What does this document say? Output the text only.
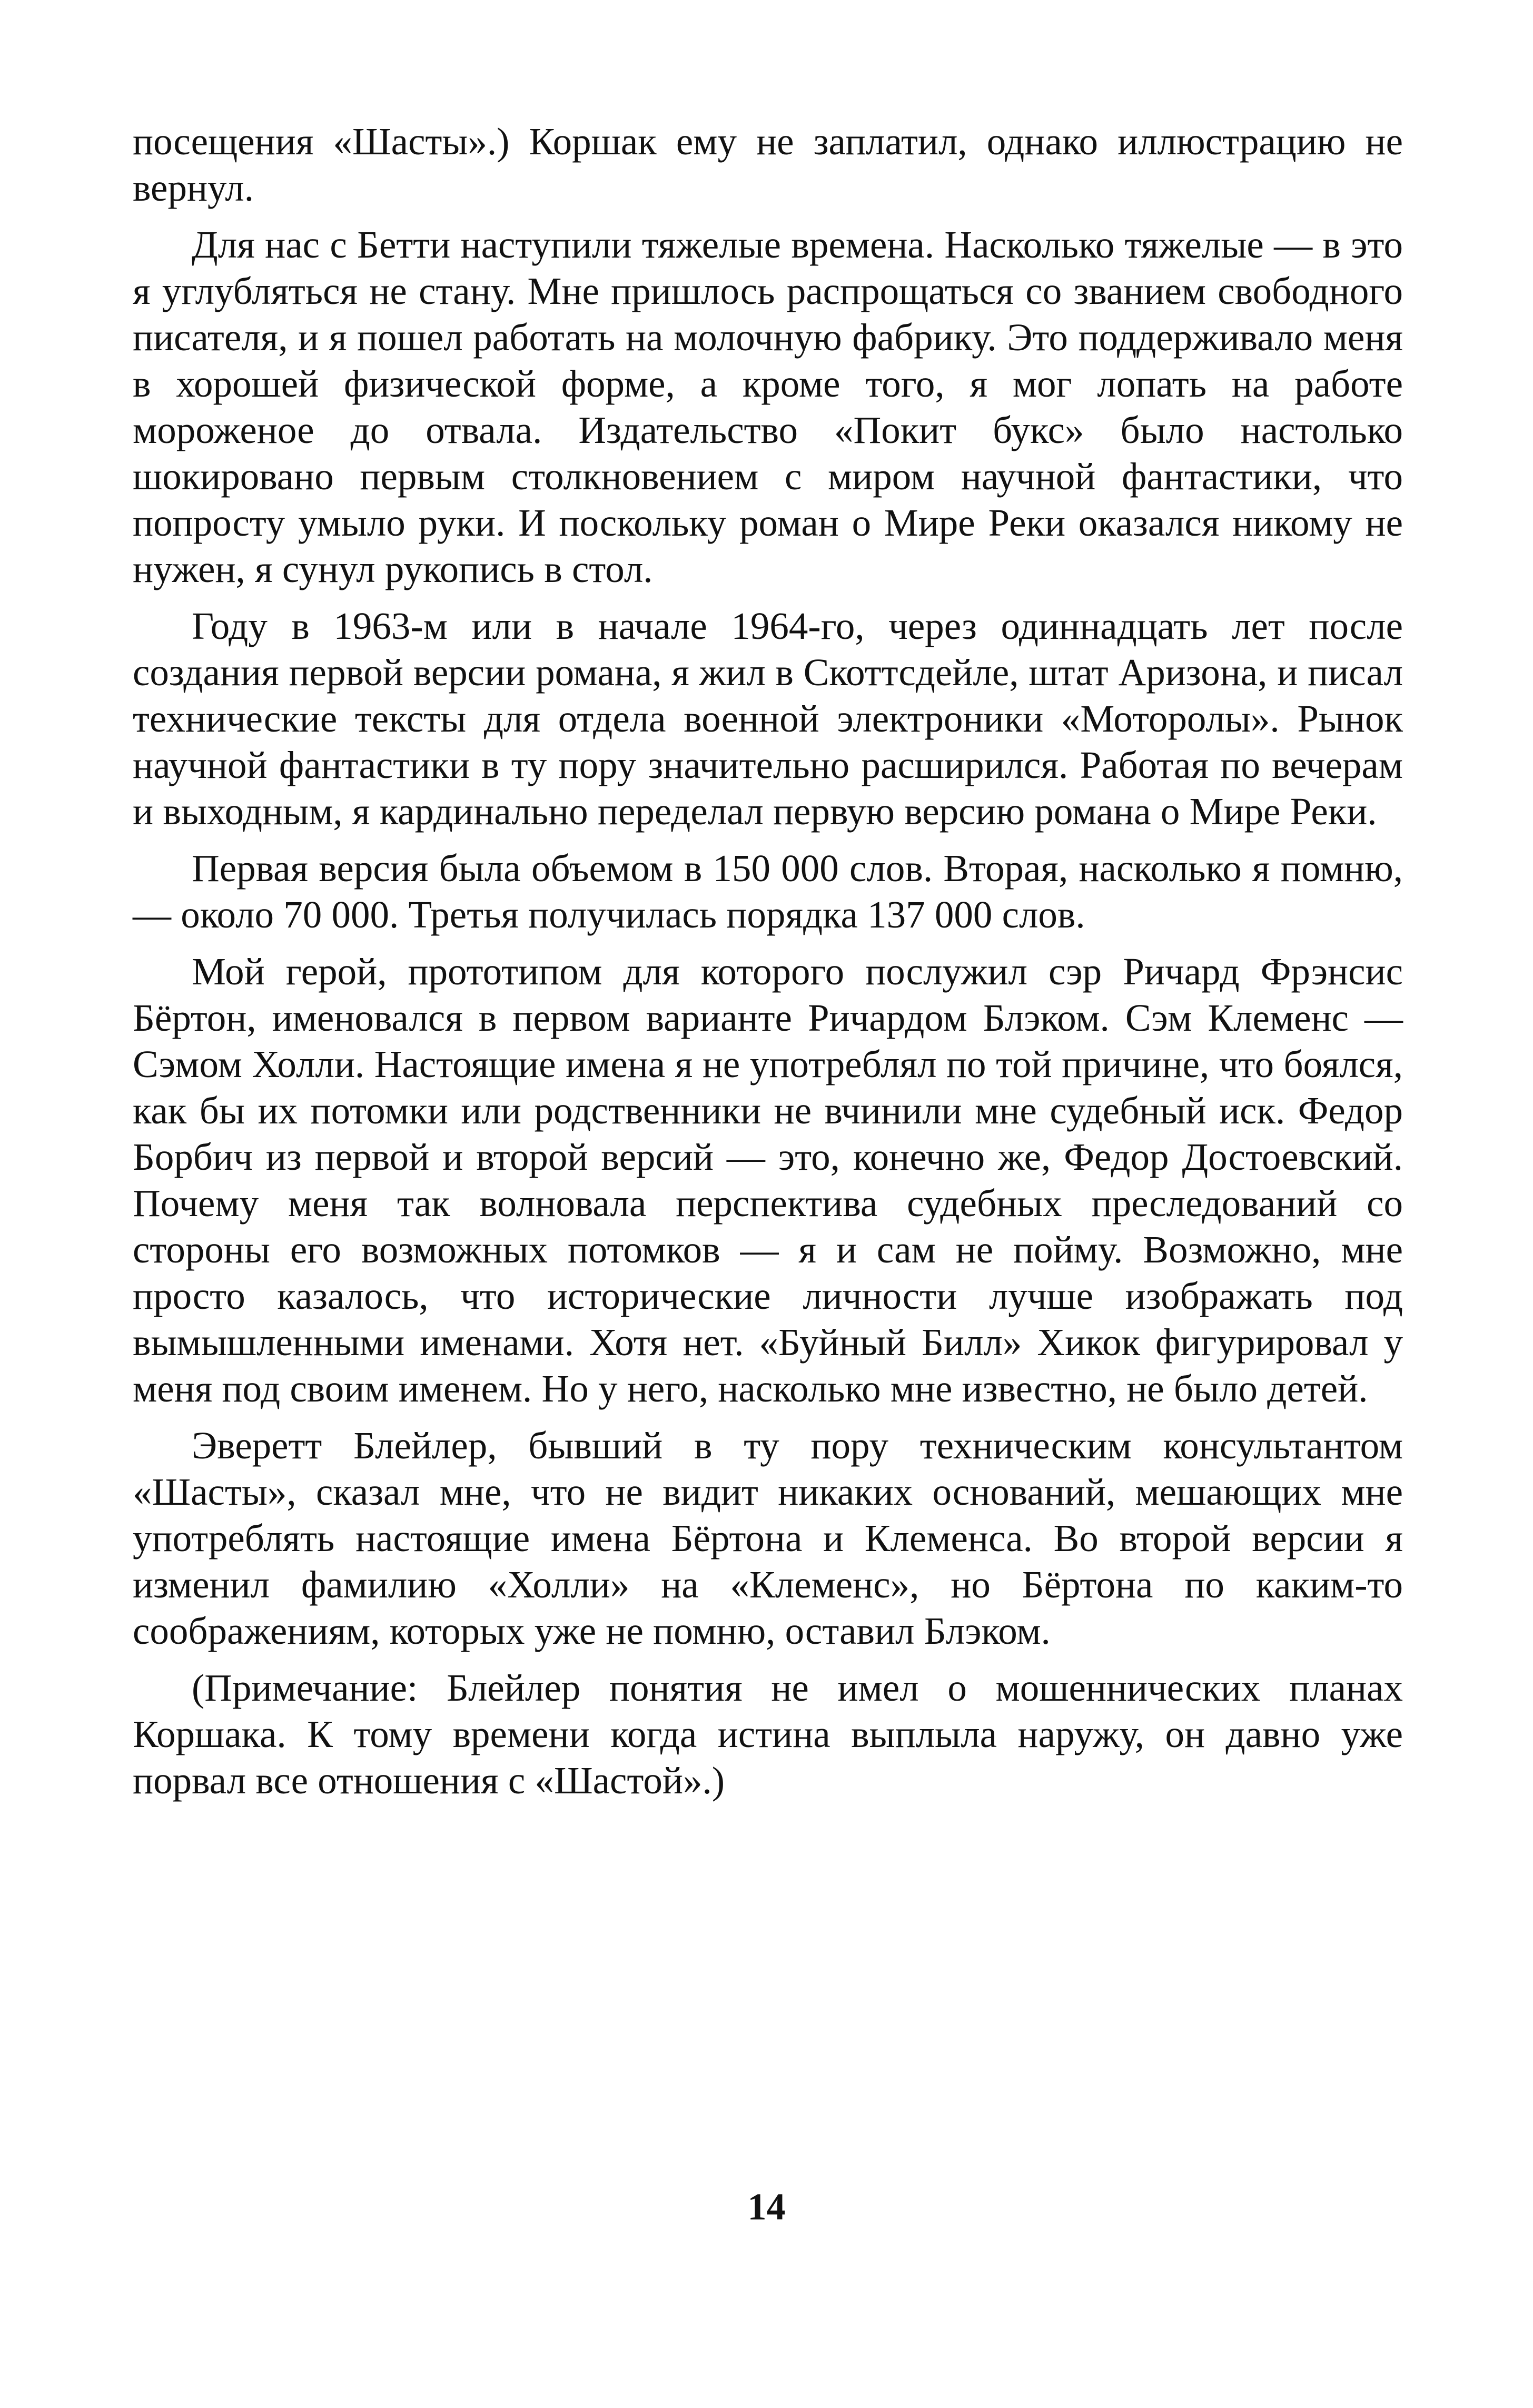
посещения «Шасты».) Коршак ему не заплатил, однако иллюстрацию не вернул.

Для нас с Бетти наступили тяжелые времена. Насколько тяжелые — в это я углубляться не стану. Мне пришлось распрощаться со званием свободного писателя, и я пошел работать на молочную фабрику. Это поддерживало меня в хорошей физической форме, а кроме того, я мог лопать на работе мороженое до отвала. Издательство «Покит букс» было настолько шокировано первым столкновением с миром научной фантастики, что попросту умыло руки. И поскольку роман о Мире Реки оказался никому не нужен, я сунул рукопись в стол.

Году в 1963-м или в начале 1964-го, через одиннадцать лет после создания первой версии романа, я жил в Скоттсдейле, штат Аризона, и писал технические тексты для отдела военной электроники «Моторолы». Рынок научной фантастики в ту пору значительно расширился. Работая по вечерам и выходным, я кардинально переделал первую версию романа о Мире Реки.

Первая версия была объемом в 150 000 слов. Вторая, насколько я помню, — около 70 000. Третья получилась порядка 137 000 слов.

Мой герой, прототипом для которого послужил сэр Ричард Фрэнсис Бёртон, именовался в первом варианте Ричардом Блэком. Сэм Клеменс — Сэмом Холли. Настоящие имена я не употреблял по той причине, что боялся, как бы их потомки или родственники не вчинили мне судебный иск. Федор Борбич из первой и второй версий — это, конечно же, Федор Достоевский. Почему меня так волновала перспектива судебных преследований со стороны его возможных потомков — я и сам не пойму. Возможно, мне просто казалось, что исторические личности лучше изображать под вымышленными именами. Хотя нет. «Буйный Билл» Хикок фигурировал у меня под своим именем. Но у него, насколько мне известно, не было детей.

Эверетт Блейлер, бывший в ту пору техническим консультантом «Шасты», сказал мне, что не видит никаких оснований, мешающих мне употреблять настоящие имена Бёртона и Клеменса. Во второй версии я изменил фамилию «Холли» на «Клеменс», но Бёртона по каким-то соображениям, которых уже не помню, оставил Блэком.

(Примечание: Блейлер понятия не имел о мошеннических планах Коршака. К тому времени когда истина выплыла наружу, он давно уже порвал все отношения с «Шастой».)

14
